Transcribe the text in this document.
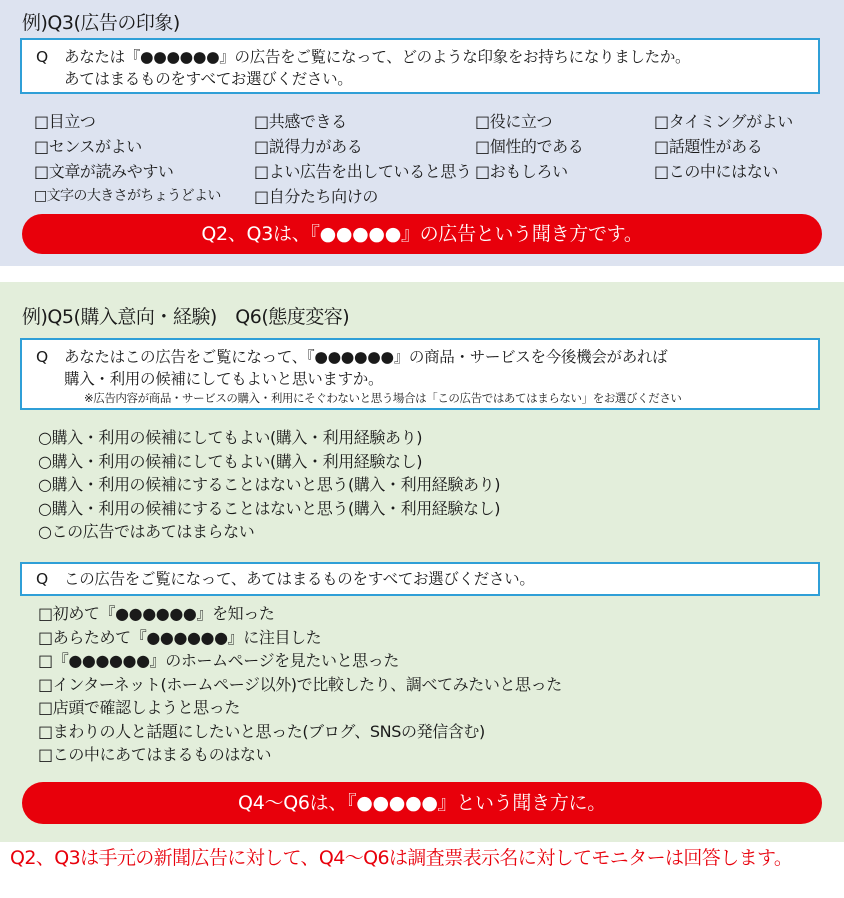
例)Q3(広告の印象)
Q	あなたは『●●●●●●』の広告をご覧になって、どのような印象をお持ちになりましたか。
あてはまるものをすべてお選びください。
□目立つ
□センスがよい
□文章が読みやすい
□文字の大きさがちょうどよい
□共感できる
□説得力がある
□よい広告を出していると思う
□自分たち向けの
□役に立つ
□個性的である
□おもしろい
□タイミングがよい
□話題性がある
□この中にはない
Q2、Q3は、『●●●●●』の広告という聞き方です。
例)Q5(購入意向・経験)　Q6(態度変容)
Q	あなたはこの広告をご覧になって、『●●●●●●』の商品・サービスを今後機会があれば
購入・利用の候補にしてもよいと思いますか。
※広告内容が商品・サービスの購入・利用にそぐわないと思う場合は「この広告ではあてはまらない」をお選びください
○購入・利用の候補にしてもよい(購入・利用経験あり)
○購入・利用の候補にしてもよい(購入・利用経験なし)
○購入・利用の候補にすることはないと思う(購入・利用経験あり)
○購入・利用の候補にすることはないと思う(購入・利用経験なし)
○この広告ではあてはまらない
Q	この広告をご覧になって、あてはまるものをすべてお選びください。
□初めて『●●●●●●』を知った
□あらためて『●●●●●●』に注目した
□『●●●●●●』のホームページを見たいと思った
□インターネット(ホームページ以外)で比較したり、調べてみたいと思った
□店頭で確認しようと思った
□まわりの人と話題にしたいと思った(ブログ、SNSの発信含む)
□この中にあてはまるものはない
Q4〜Q6は、『●●●●●』という聞き方に。
Q2、Q3は手元の新聞広告に対して、Q4〜Q6は調査票表示名に対してモニターは回答します。
